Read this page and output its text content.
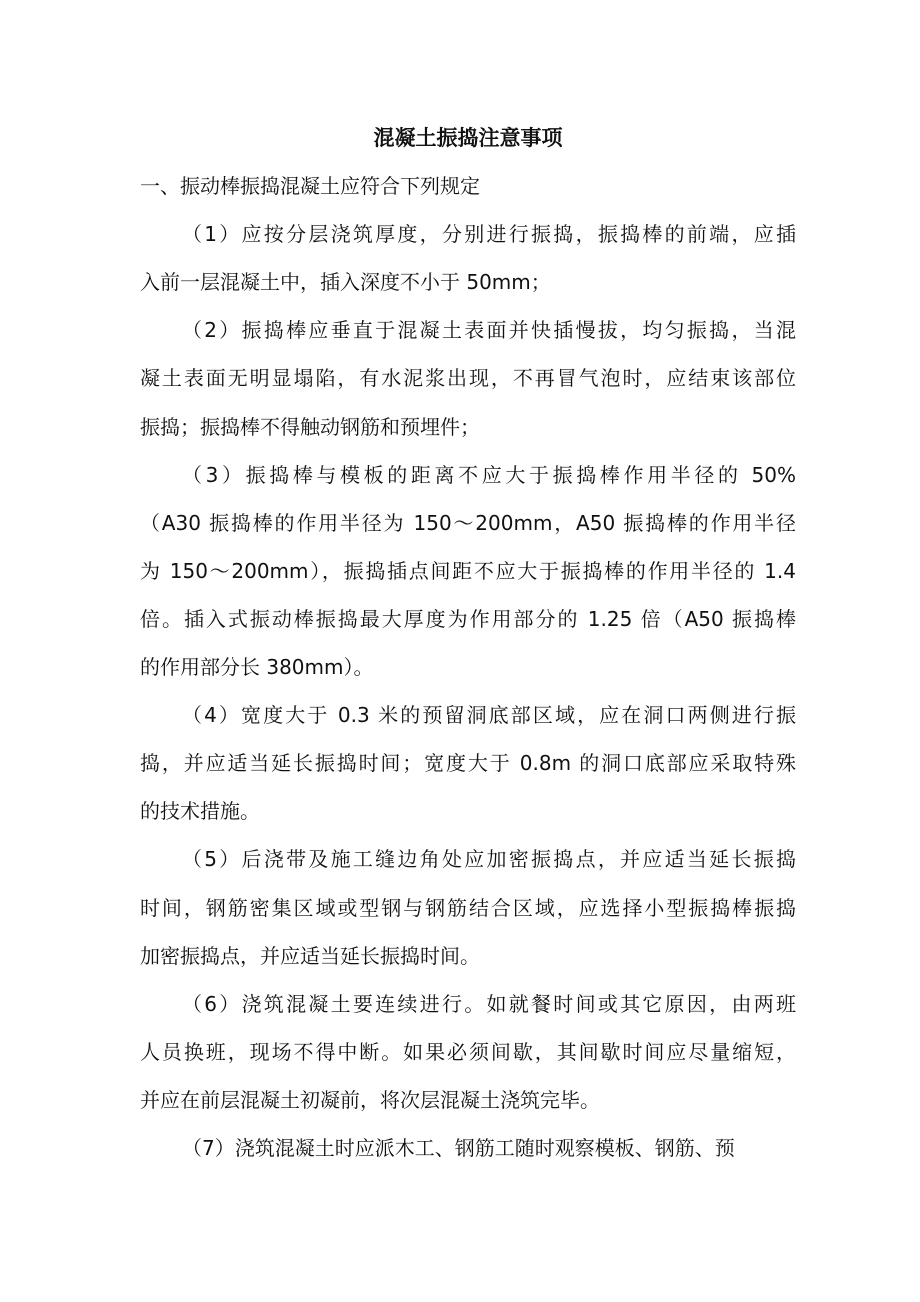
混凝土振捣注意事项
一、振动棒振捣混凝土应符合下列规定
（1）应按分层浇筑厚度，分别进行振捣，振捣棒的前端，应插
入前一层混凝土中，插入深度不小于 50mm；
（2）振捣棒应垂直于混凝土表面并快插慢拔，均匀振捣，当混
凝土表面无明显塌陷，有水泥浆出现，不再冒气泡时，应结束该部位
振捣；振捣棒不得触动钢筋和预埋件；
（3）振捣棒与模板的距离不应大于振捣棒作用半径的 50%
（A30 振捣棒的作用半径为 150～200mm，A50 振捣棒的作用半径
为 150～200mm），振捣插点间距不应大于振捣棒的作用半径的 1.4
倍。插入式振动棒振捣最大厚度为作用部分的 1.25 倍（A50 振捣棒
的作用部分长 380mm）。
（4）宽度大于 0.3 米的预留洞底部区域，应在洞口两侧进行振
捣，并应适当延长振捣时间；宽度大于 0.8m 的洞口底部应采取特殊
的技术措施。
（5）后浇带及施工缝边角处应加密振捣点，并应适当延长振捣
时间，钢筋密集区域或型钢与钢筋结合区域，应选择小型振捣棒振捣
加密振捣点，并应适当延长振捣时间。
（6）浇筑混凝土要连续进行。如就餐时间或其它原因，由两班
人员换班，现场不得中断。如果必须间歇，其间歇时间应尽量缩短，
并应在前层混凝土初凝前，将次层混凝土浇筑完毕。
（7）浇筑混凝土时应派木工、钢筋工随时观察模板、钢筋、预
